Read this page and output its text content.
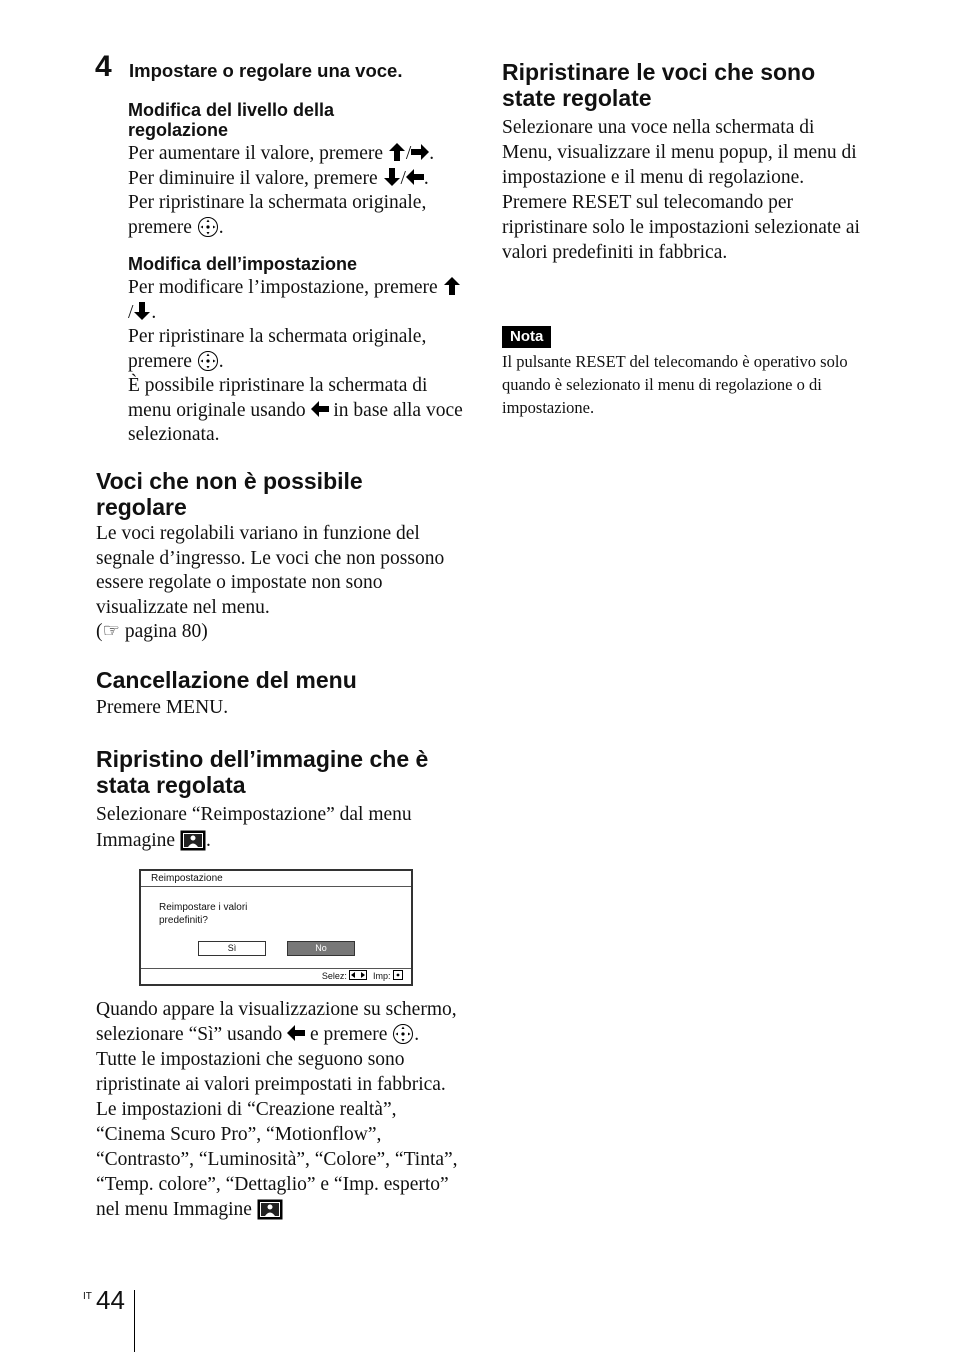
4 Impostare o regolare una voce.
Modifica del livello della regolazione
Per aumentare il valore, premere / .
Per diminuire il valore, premere / .
Per ripristinare la schermata originale, premere .
Modifica dell’impostazione
Per modificare l’impostazione, premere / .
Per ripristinare la schermata originale, premere .
È possibile ripristinare la schermata di menu originale usando in base alla voce selezionata.
Voci che non è possibile regolare
Le voci regolabili variano in funzione del segnale d’ingresso. Le voci che non possono essere regolate o impostate non sono visualizzate nel menu.
(☞ pagina 80)
Cancellazione del menu
Premere MENU.
Ripristino dell’immagine che è stata regolata
Selezionare “Reimpostazione” dal menu Immagine .
Reimpostazione
Reimpostare i valori
predefiniti?
Sì	No
Selez:	Imp:
Quando appare la visualizzazione su schermo, selezionare “Sì” usando e premere .
Tutte le impostazioni che seguono sono ripristinate ai valori preimpostati in fabbrica.
Le impostazioni di “Creazione realtà”, “Cinema Scuro Pro”, “Motionflow”, “Contrasto”, “Luminosità”, “Colore”, “Tinta”, “Temp. colore”, “Dettaglio” e “Imp. esperto” nel menu Immagine
IT 44
Ripristinare le voci che sono state regolate
Selezionare una voce nella schermata di Menu, visualizzare il menu popup, il menu di impostazione e il menu di regolazione.
Premere RESET sul telecomando per ripristinare solo le impostazioni selezionate ai valori predefiniti in fabbrica.
Nota
Il pulsante RESET del telecomando è operativo solo quando è selezionato il menu di regolazione o di impostazione.
